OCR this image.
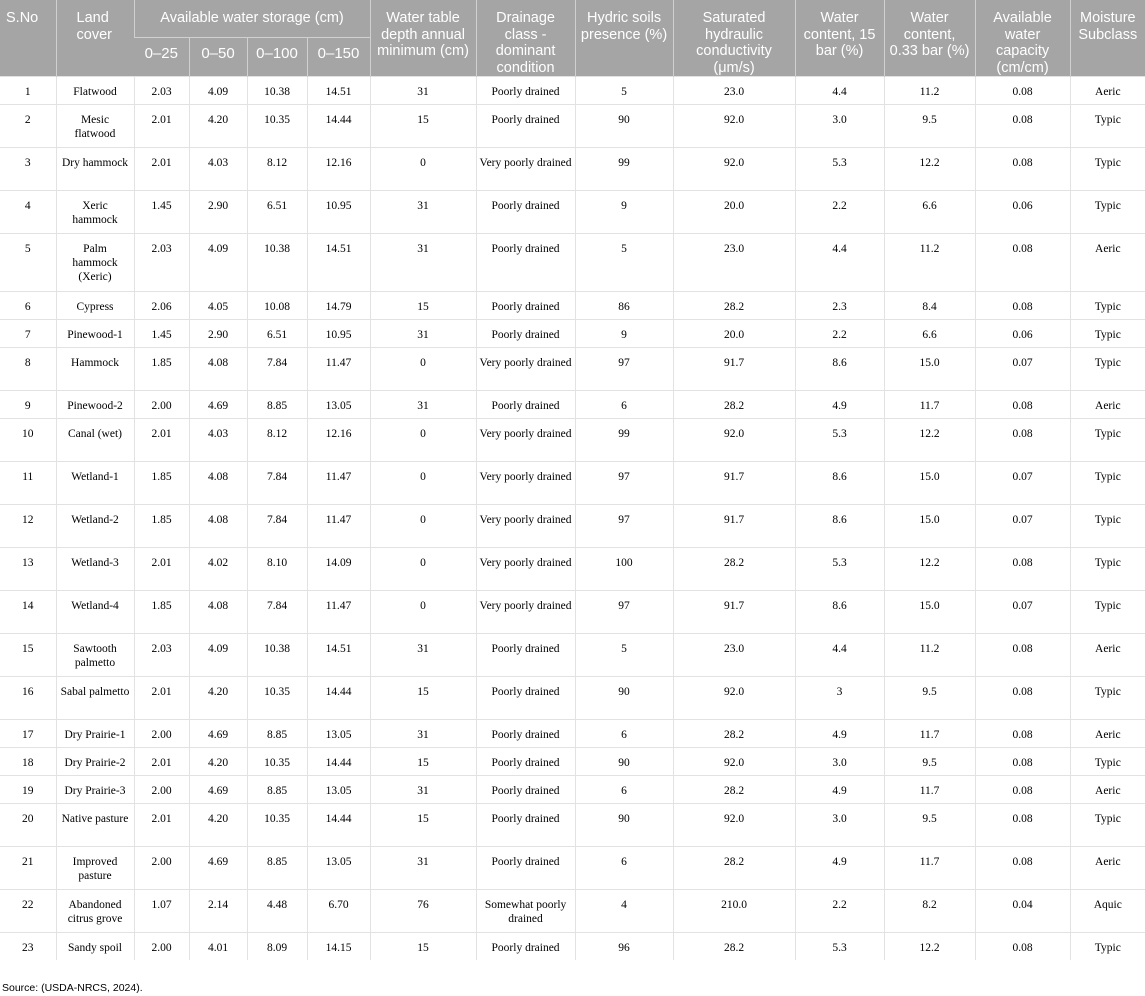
S.No	Land cover	Available water storage (cm)				Water table depth annual minimum (cm)	Drainage class - dominant condition	Hydric soils presence (%)	Saturated hydraulic conductivity (μm/s)	Water content, 15 bar (%)	Water content, 0.33 bar (%)	Available water capacity (cm/cm)	Moisture Subclass
		0–25	0–50	0–100	0–150								
1	Flatwood	2.03	4.09	10.38	14.51	31	Poorly drained	5	23.0	4.4	11.2	0.08	Aeric
2	Mesic flatwood	2.01	4.20	10.35	14.44	15	Poorly drained	90	92.0	3.0	9.5	0.08	Typic
3	Dry hammock	2.01	4.03	8.12	12.16	0	Very poorly drained	99	92.0	5.3	12.2	0.08	Typic
4	Xeric hammock	1.45	2.90	6.51	10.95	31	Poorly drained	9	20.0	2.2	6.6	0.06	Typic
5	Palm hammock (Xeric)	2.03	4.09	10.38	14.51	31	Poorly drained	5	23.0	4.4	11.2	0.08	Aeric
6	Cypress	2.06	4.05	10.08	14.79	15	Poorly drained	86	28.2	2.3	8.4	0.08	Typic
7	Pinewood-1	1.45	2.90	6.51	10.95	31	Poorly drained	9	20.0	2.2	6.6	0.06	Typic
8	Hammock	1.85	4.08	7.84	11.47	0	Very poorly drained	97	91.7	8.6	15.0	0.07	Typic
9	Pinewood-2	2.00	4.69	8.85	13.05	31	Poorly drained	6	28.2	4.9	11.7	0.08	Aeric
10	Canal (wet)	2.01	4.03	8.12	12.16	0	Very poorly drained	99	92.0	5.3	12.2	0.08	Typic
11	Wetland-1	1.85	4.08	7.84	11.47	0	Very poorly drained	97	91.7	8.6	15.0	0.07	Typic
12	Wetland-2	1.85	4.08	7.84	11.47	0	Very poorly drained	97	91.7	8.6	15.0	0.07	Typic
13	Wetland-3	2.01	4.02	8.10	14.09	0	Very poorly drained	100	28.2	5.3	12.2	0.08	Typic
14	Wetland-4	1.85	4.08	7.84	11.47	0	Very poorly drained	97	91.7	8.6	15.0	0.07	Typic
15	Sawtooth palmetto	2.03	4.09	10.38	14.51	31	Poorly drained	5	23.0	4.4	11.2	0.08	Aeric
16	Sabal palmetto	2.01	4.20	10.35	14.44	15	Poorly drained	90	92.0	3	9.5	0.08	Typic
17	Dry Prairie-1	2.00	4.69	8.85	13.05	31	Poorly drained	6	28.2	4.9	11.7	0.08	Aeric
18	Dry Prairie-2	2.01	4.20	10.35	14.44	15	Poorly drained	90	92.0	3.0	9.5	0.08	Typic
19	Dry Prairie-3	2.00	4.69	8.85	13.05	31	Poorly drained	6	28.2	4.9	11.7	0.08	Aeric
20	Native pasture	2.01	4.20	10.35	14.44	15	Poorly drained	90	92.0	3.0	9.5	0.08	Typic
21	Improved pasture	2.00	4.69	8.85	13.05	31	Poorly drained	6	28.2	4.9	11.7	0.08	Aeric
22	Abandoned citrus grove	1.07	2.14	4.48	6.70	76	Somewhat poorly drained	4	210.0	2.2	8.2	0.04	Aquic
23	Sandy spoil	2.00	4.01	8.09	14.15	15	Poorly drained	96	28.2	5.3	12.2	0.08	Typic
Source: (USDA-NRCS, 2024).
